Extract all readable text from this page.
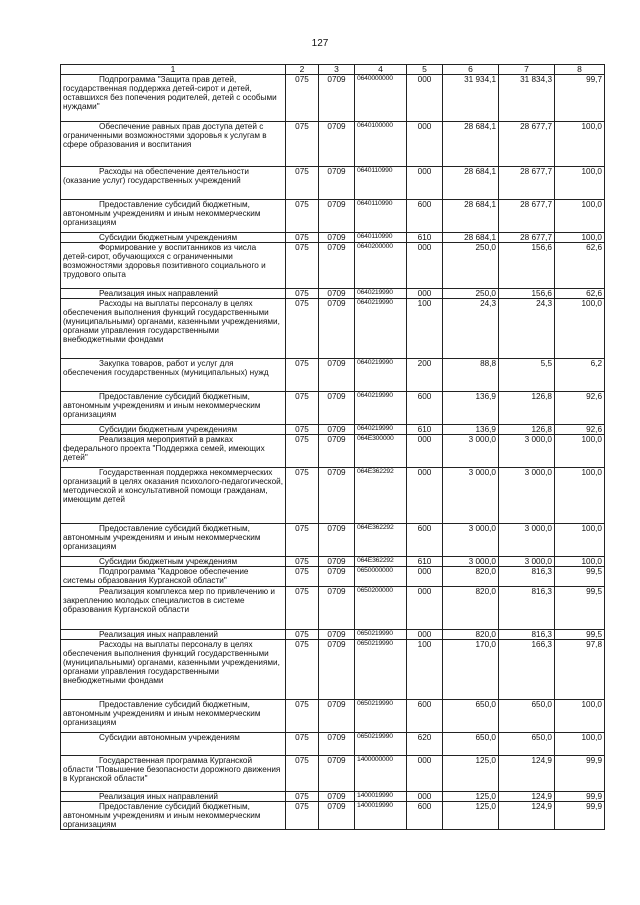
127
1	2	3	4	5	6	7	8
Подпрограмма "Защита прав детей, государственная поддержка детей-сирот и детей, оставшихся без попечения родителей, детей с особыми нуждами"	075	0709	0640000000	000	31 934,1	31 834,3	99,7
Обеспечение равных прав доступа детей с ограниченными возможностями здоровья к услугам в сфере образования и воспитания	075	0709	0640100000	000	28 684,1	28 677,7	100,0
Расходы на обеспечение деятельности (оказание услуг) государственных учреждений	075	0709	0640110990	000	28 684,1	28 677,7	100,0
Предоставление субсидий бюджетным, автономным учреждениям и иным некоммерческим организациям	075	0709	0640110990	600	28 684,1	28 677,7	100,0
Субсидии бюджетным учреждениям	075	0709	0640110990	610	28 684,1	28 677,7	100,0
Формирование у воспитанников из числа детей-сирот, обучающихся с ограниченными возможностями здоровья позитивного социального и трудового опыта	075	0709	0640200000	000	250,0	156,6	62,6
Реализация иных направлений	075	0709	0640219990	000	250,0	156,6	62,6
Расходы на выплаты персоналу в целях обеспечения выполнения функций государственными (муниципальными) органами, казенными учреждениями, органами управления государственными внебюджетными фондами	075	0709	0640219990	100	24,3	24,3	100,0
Закупка товаров, работ и услуг для обеспечения государственных (муниципальных) нужд	075	0709	0640219990	200	88,8	5,5	6,2
Предоставление субсидий бюджетным, автономным учреждениям и иным некоммерческим организациям	075	0709	0640219990	600	136,9	126,8	92,6
Субсидии бюджетным учреждениям	075	0709	0640219990	610	136,9	126,8	92,6
Реализация мероприятий в рамках федерального проекта "Поддержка семей, имеющих детей"	075	0709	064E300000	000	3 000,0	3 000,0	100,0
Государственная поддержка некоммерческих организаций в целях оказания психолого-педагогической, методической и консультативной помощи гражданам, имеющим детей	075	0709	064E362292	000	3 000,0	3 000,0	100,0
Предоставление субсидий бюджетным, автономным учреждениям и иным некоммерческим организациям	075	0709	064E362292	600	3 000,0	3 000,0	100,0
Субсидии бюджетным учреждениям	075	0709	064E362292	610	3 000,0	3 000,0	100,0
Подпрограмма "Кадровое обеспечение системы образования Курганской области"	075	0709	0650000000	000	820,0	816,3	99,5
Реализация комплекса мер по привлечению и закреплению молодых специалистов в системе образования Курганской области	075	0709	0650200000	000	820,0	816,3	99,5
Реализация иных направлений	075	0709	0650219990	000	820,0	816,3	99,5
Расходы на выплаты персоналу в целях обеспечения выполнения функций государственными (муниципальными) органами, казенными учреждениями, органами управления государственными внебюджетными фондами	075	0709	0650219990	100	170,0	166,3	97,8
Предоставление субсидий бюджетным, автономным учреждениям и иным некоммерческим организациям	075	0709	0650219990	600	650,0	650,0	100,0
Субсидии автономным учреждениям	075	0709	0650219990	620	650,0	650,0	100,0
Государственная программа Курганской области "Повышение безопасности дорожного движения в Курганской области"	075	0709	1400000000	000	125,0	124,9	99,9
Реализация иных направлений	075	0709	1400019990	000	125,0	124,9	99,9
Предоставление субсидий бюджетным, автономным учреждениям и иным некоммерческим организациям	075	0709	1400019990	600	125,0	124,9	99,9
